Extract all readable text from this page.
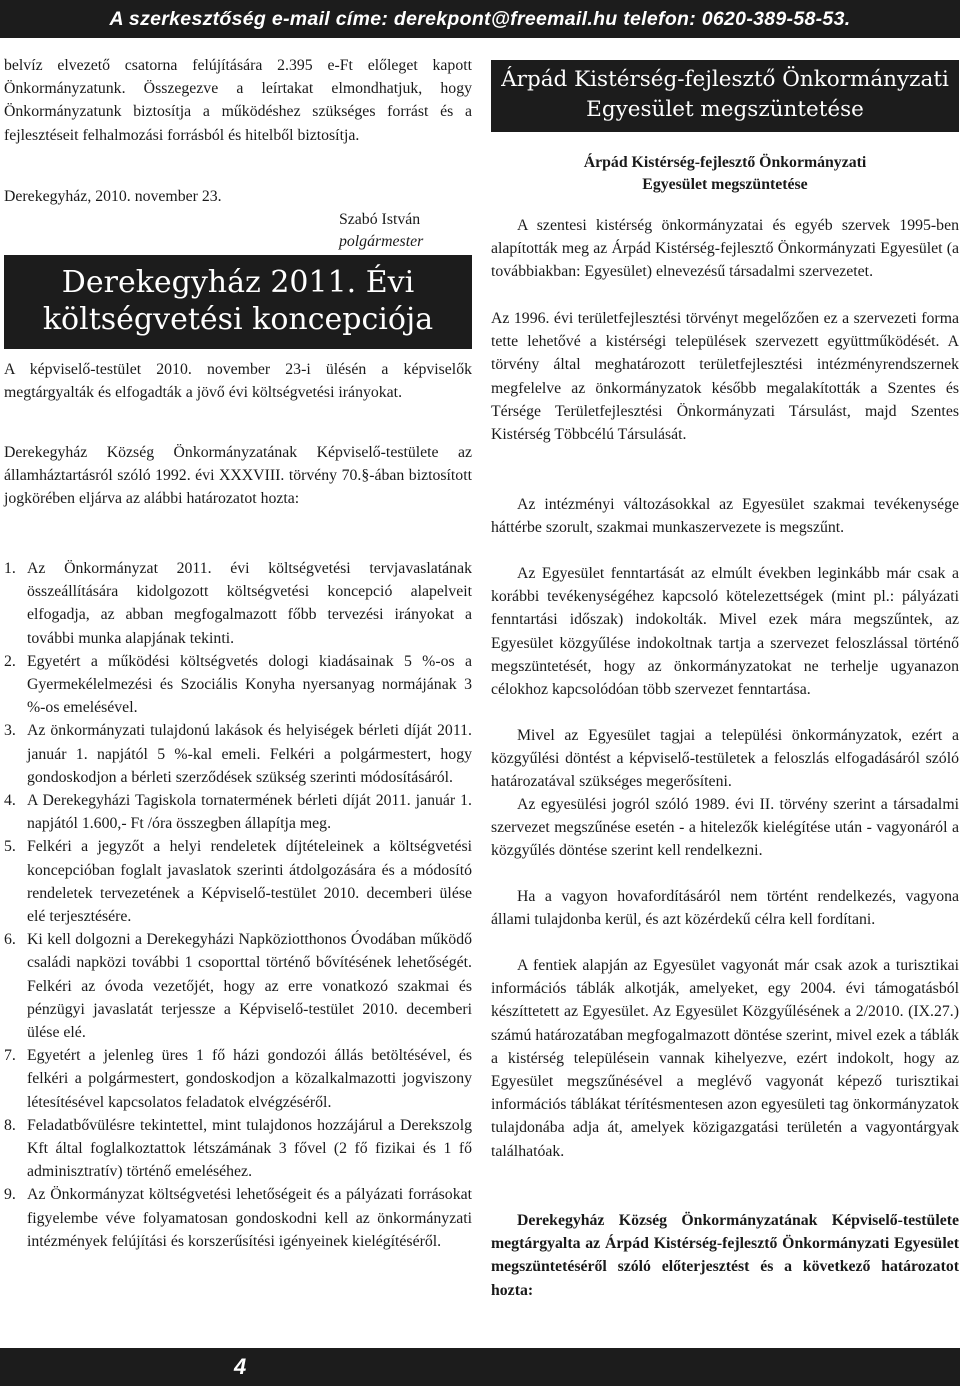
A szerkesztőség e-mail címe: derekpont@freemail.hu telefon: 0620-389-58-53.

belvíz elvezető csatorna felújítására 2.395 e-Ft előleget kapott Önkormányzatunk. Összegezve a leírtakat elmondhatjuk, hogy Önkormányzatunk biztosítja a működéshez szükséges forrást és a fejlesztéseit felhalmozási forrásból és hitelből biztosítja.

Derekegyház, 2010. november 23.

Szabó István

polgármester

Derekegyház 2011. Évi költségvetési koncepciója

A képviselő-testület 2010. november 23-i ülésén a képviselők megtárgyalták és elfogadták a jövő évi költségvetési irányokat.

Derekegyház Község Önkormányzatának Képviselő-testülete az államháztartásról szóló 1992. évi XXXVIII. törvény 70.§-ában biztosított jogkörében eljárva az alábbi határozatot hozta:

1. Az Önkormányzat 2011. évi költségvetési tervjavaslatának összeállítására kidolgozott költségvetési koncepció alapelveit elfogadja, az abban megfogalmazott főbb tervezési irányokat a további munka alapjának tekinti.
2. Egyetért a működési költségvetés dologi kiadásainak 5 %-os a Gyermekélelmezési és Szociális Konyha nyersanyag normájának 3 %-os emelésével.
3. Az önkormányzati tulajdonú lakások és helyiségek bérleti díját 2011. január 1. napjától 5 %-kal emeli. Felkéri a polgármestert, hogy gondoskodjon a bérleti szerződések szükség szerinti módosításáról.
4. A Derekegyházi Tagiskola tornatermének bérleti díját 2011. január 1. napjától 1.600,- Ft /óra összegben állapítja meg.
5. Felkéri a jegyzőt a helyi rendeletek díjtételeinek a költségvetési koncepcióban foglalt javaslatok szerinti átdolgozására és a módosító rendeletek tervezetének a Képviselő-testület 2010. decemberi ülése elé terjesztésére.
6. Ki kell dolgozni a Derekegyházi Napköziotthonos Óvodában működő családi napközi további 1 csoporttal történő bővítésének lehetőségét. Felkéri az óvoda vezetőjét, hogy az erre vonatkozó szakmai és pénzügyi javaslatát terjessze a Képviselő-testület 2010. decemberi ülése elé.
7. Egyetért a jelenleg üres 1 fő házi gondozói állás betöltésével, és felkéri a polgármestert, gondoskodjon a közalkalmazotti jogviszony létesítésével kapcsolatos feladatok elvégzéséről.
8. Feladatbővülésre tekintettel, mint tulajdonos hozzájárul a Derekszolg Kft által foglalkoztattok létszámának 3 fővel (2 fő fizikai és 1 fő adminisztratív) történő emeléséhez.
9. Az Önkormányzat költségvetési lehetőségeit és a pályázati forrásokat figyelembe véve folyamatosan gondoskodni kell az önkormányzati intézmények felújítási és korszerűsítési igényeinek kielégítéséről.
Árpád Kistérség-fejlesztő Önkormányzati Egyesület megszüntetése

Árpád Kistérség-fejlesztő Önkormányzati Egyesület megszüntetése

A szentesi kistérség önkormányzatai és egyéb szervek 1995-ben alapították meg az Árpád Kistérség-fejlesztő Önkormányzati Egyesület (a továbbiakban: Egyesület) elnevezésű társadalmi szervezetet.

Az 1996. évi területfejlesztési törvényt megelőzően ez a szervezeti forma tette lehetővé a kistérségi települések szervezett együttműködését. A törvény által meghatározott területfejlesztési intézményrendszernek megfelelve az önkormányzatok később megalakították a Szentes és Térsége Területfejlesztési Önkormányzati Társulást, majd Szentes Kistérség Többcélú Társulását.

Az intézményi változásokkal az Egyesület szakmai tevékenysége háttérbe szorult, szakmai munkaszervezete is megszűnt.

Az Egyesület fenntartását az elmúlt években leginkább már csak a korábbi tevékenységéhez kapcsoló kötelezettségek (mint pl.: pályázati fenntartási időszak) indokolták. Mivel ezek mára megszűntek, az Egyesület közgyűlése indokoltnak tartja a szervezet feloszlással történő megszüntetését, hogy az önkormányzatokat ne terhelje ugyanazon célokhoz kapcsolódóan több szervezet fenntartása.

Mivel az Egyesület tagjai a települési önkormányzatok, ezért a közgyűlési döntést a képviselő-testületek a feloszlás elfogadásáról szóló határozatával szükséges megerősíteni.

Az egyesülési jogról szóló 1989. évi II. törvény szerint a társadalmi szervezet megszűnése esetén - a hitelezők kielégítése után - vagyonáról a közgyűlés döntése szerint kell rendelkezni.

Ha a vagyon hovafordításáról nem történt rendelkezés, vagyona állami tulajdonba kerül, és azt közérdekű célra kell fordítani.

A fentiek alapján az Egyesület vagyonát már csak azok a turisztikai információs táblák alkotják, amelyeket, egy 2004. évi támogatásból készíttetett az Egyesület. Az Egyesület Közgyűlésének a 2/2010. (IX.27.) számú határozatában megfogalmazott döntése szerint, mivel ezek a táblák a kistérség településein vannak kihelyezve, ezért indokolt, hogy az Egyesület megszűnésével a meglévő vagyonát képező turisztikai információs táblákat térítésmentesen azon egyesületi tag önkormányzatok tulajdonába adja át, amelyek közigazgatási területén a vagyontárgyak találhatóak.

Derekegyház Község Önkormányzatának Képviselő-testülete megtárgyalta az Árpád Kistérség-fejlesztő Önkormányzati Egyesület megszüntetéséről szóló előterjesztést és a következő határozatot hozta:

4
